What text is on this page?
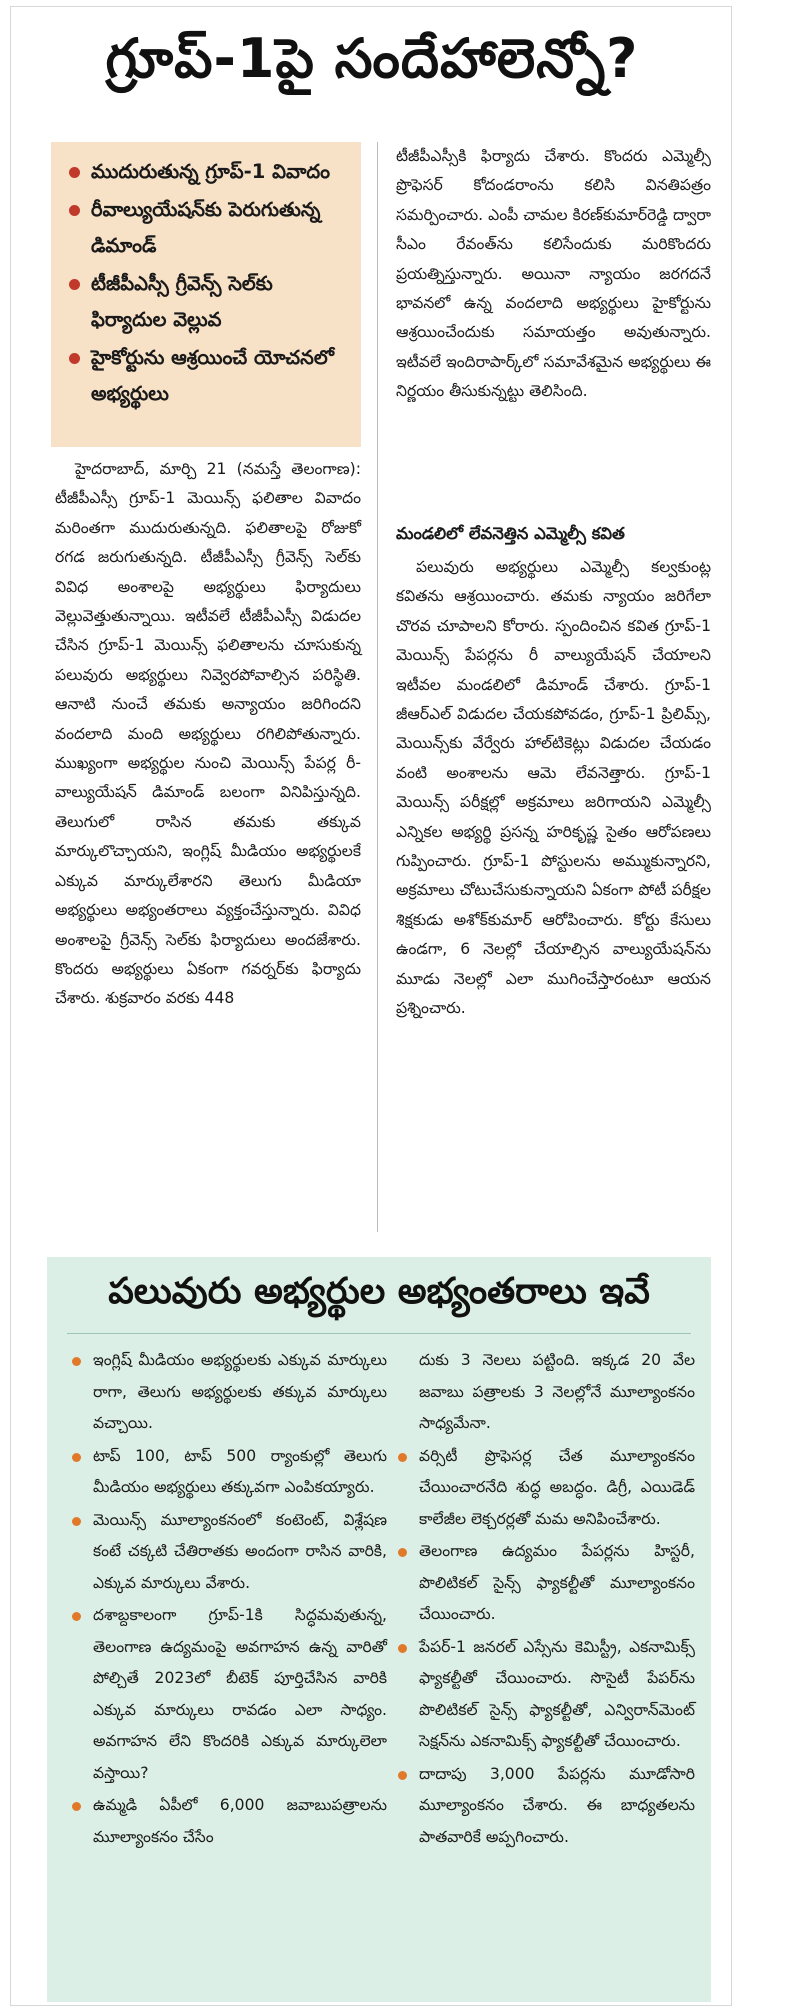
గ్రూప్‌-1పై సందేహాలెన్నో?
ముదురుతున్న గ్రూప్‌-1 వివాదం
రీవాల్యుయేషన్‌కు పెరుగుతున్న డిమాండ్‌
టీజీపీఎస్సీ గ్రీవెన్స్‌ సెల్‌కు ఫిర్యాదుల వెల్లువ
హైకోర్టును ఆశ్రయించే యోచనలో అభ్యర్థులు

హైదరాబాద్‌, మార్చి 21 (నమస్తే తెలంగాణ): టీజీపీఎస్సీ గ్రూప్‌-1 మెయిన్స్‌ ఫలితాల వివాదం మరింతగా ముదురుతున్నది. ఫలితాలపై రోజుకో రగడ జరుగుతున్నది. టీజీపీఎస్సీ గ్రీవెన్స్‌ సెల్‌కు వివిధ అంశాలపై అభ్యర్థులు ఫిర్యాదులు వెల్లువెత్తుతున్నాయి. ఇటీవలే టీజీపీఎస్సీ విడుదల చేసిన గ్రూప్‌-1 మెయిన్స్‌ ఫలితాలను చూసుకున్న పలువురు అభ్యర్థులు నివ్వెరపోవాల్సిన పరిస్థితి. ఆనాటి నుంచే తమకు అన్యాయం జరిగిందని వందలాది మంది అభ్యర్థులు రగిలిపోతున్నారు. ముఖ్యంగా అభ్యర్థుల నుంచి మెయిన్స్‌ పేపర్ల రీ-వాల్యుయేషన్‌ డిమాండ్‌ బలంగా వినిపిస్తున్నది. తెలుగులో రాసిన తమకు తక్కువ మార్కులొచ్చాయని, ఇంగ్లిష్‌ మీడియం అభ్యర్థులకే ఎక్కువ మార్కులేశారని తెలుగు మీడియా అభ్యర్థులు అభ్యంతరాలు వ్యక్తంచేస్తున్నారు. వివిధ అంశాలపై గ్రీవెన్స్‌ సెల్‌కు ఫిర్యాదులు అందజేశారు. కొందరు అభ్యర్థులు ఏకంగా గవర్నర్‌కు ఫిర్యాదు చేశారు. శుక్రవారం వరకు 448

టీజీపీఎస్సీకి ఫిర్యాదు చేశారు. కొందరు ఎమ్మెల్సీ ప్రొఫెసర్‌ కోదండరాంను కలిసి వినతిపత్రం సమర్పించారు. ఎంపీ చామల కిరణ్‌కుమార్‌రెడ్డి ద్వారా సీఎం రేవంత్‌ను కలిసేందుకు మరికొందరు ప్రయత్నిస్తున్నారు. అయినా న్యాయం జరగదనే భావనలో ఉన్న వందలాది అభ్యర్థులు హైకోర్టును ఆశ్రయించేందుకు సమాయత్తం అవుతున్నారు. ఇటీవలే ఇందిరాపార్క్‌లో సమావేశమైన అభ్యర్థులు ఈ నిర్ణయం తీసుకున్నట్టు తెలిసింది.

మండలిలో లేవనెత్తిన ఎమ్మెల్సీ కవిత

పలువురు అభ్యర్థులు ఎమ్మెల్సీ కల్వకుంట్ల కవితను ఆశ్రయించారు. తమకు న్యాయం జరిగేలా చొరవ చూపాలని కోరారు. స్పందించిన కవిత గ్రూప్‌-1 మెయిన్స్‌ పేపర్లను రీ వాల్యుయేషన్‌ చేయాలని ఇటీవల మండలిలో డిమాండ్‌ చేశారు. గ్రూప్‌-1 జీఆర్‌ఎల్‌ విడుదల చేయకపోవడం, గ్రూప్‌-1 ప్రిలిమ్స్‌, మెయిన్స్‌కు వేర్వేరు హాల్‌టికెట్లు విడుదల చేయడం వంటి అంశాలను ఆమె లేవనెత్తారు. గ్రూప్‌-1 మెయిన్స్‌ పరీక్షల్లో అక్రమాలు జరిగాయని ఎమ్మెల్సీ ఎన్నికల అభ్యర్థి ప్రసన్న హరికృష్ణ సైతం ఆరోపణలు గుప్పించారు. గ్రూప్‌-1 పోస్టులను అమ్ముకున్నారని, అక్రమాలు చోటుచేసుకున్నాయని ఏకంగా పోటీ పరీక్షల శిక్షకుడు అశోక్‌కుమార్‌ ఆరోపించారు. కోర్టు కేసులు ఉండగా, 6 నెలల్లో చేయాల్సిన వాల్యుయేషన్‌ను మూడు నెలల్లో ఎలా ముగించేస్తారంటూ ఆయన ప్రశ్నించారు.

పలువురు అభ్యర్థుల అభ్యంతరాలు ఇవే
ఇంగ్లిష్‌ మీడియం అభ్యర్థులకు ఎక్కువ మార్కులు రాగా, తెలుగు అభ్యర్థులకు తక్కువ మార్కులు వచ్చాయి.
టాప్‌ 100, టాప్‌ 500 ర్యాంకుల్లో తెలుగు మీడియం అభ్యర్థులు తక్కువగా ఎంపికయ్యారు.
మెయిన్స్‌ మూల్యాంకనంలో కంటెంట్‌, విశ్లేషణ కంటే చక్కటి చేతిరాతకు అందంగా రాసిన వారికి, ఎక్కువ మార్కులు వేశారు.
దశాబ్దకాలంగా గ్రూప్‌-1కి సిద్ధమవుతున్న, తెలంగాణ ఉద్యమంపై అవగాహన ఉన్న వారితో పోల్చితే 2023లో బీటెక్‌ పూర్తిచేసిన వారికి ఎక్కువ మార్కులు రావడం ఎలా సాధ్యం. అవగాహన లేని కొందరికి ఎక్కువ మార్కులెలా వస్తాయి?
ఉమ్మడి ఏపీలో 6,000 జవాబుపత్రాలను మూల్యాంకనం చేసేం
దుకు 3 నెలలు పట్టింది. ఇక్కడ 20 వేల జవాబు పత్రాలకు 3 నెలల్లోనే మూల్యాంకనం సాధ్యమేనా.
వర్సిటీ ప్రొఫెసర్ల చేత మూల్యాంకనం చేయించారనేది శుద్ధ అబద్ధం. డిగ్రీ, ఎయిడెడ్‌ కాలేజీల లెక్చరర్లతో మమ అనిపించేశారు.
తెలంగాణ ఉద్యమం పేపర్లను హిస్టరీ, పొలిటికల్‌ సైన్స్‌ ఫ్యాకల్టీతో మూల్యాంకనం చేయించారు.
పేపర్‌-1 జనరల్‌ ఎస్సేను కెమిస్ట్రీ, ఎకనామిక్స్‌ ఫ్యాకల్టీతో చేయించారు. సొసైటీ పేపర్‌ను పొలిటికల్‌ సైన్స్‌ ఫ్యాకల్టీతో, ఎన్విరాన్‌మెంట్‌ సెక్షన్‌ను ఎకనామిక్స్‌ ఫ్యాకల్టీతో చేయించారు.
దాదాపు 3,000 పేపర్లను మూడోసారి మూల్యాంకనం చేశారు. ఈ బాధ్యతలను పాతవారికే అప్పగించారు.
